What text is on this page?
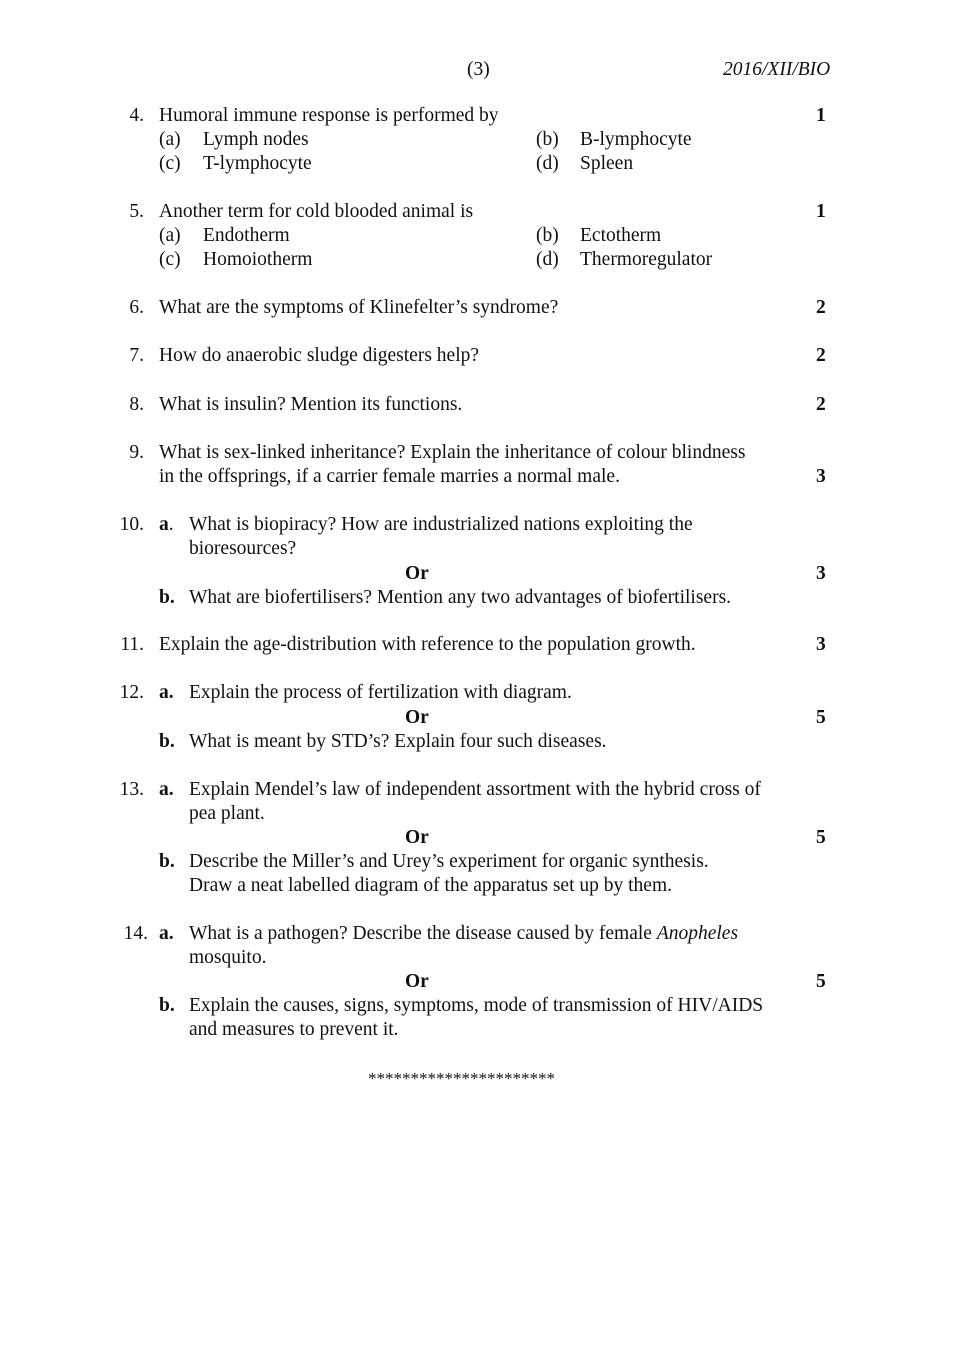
(3)	2016/XII/BIO
4. Humoral immune response is performed by	1
(a) Lymph nodes	(b) B-lymphocyte
(c) T-lymphocyte	(d) Spleen
5. Another term for cold blooded animal is	1
(a) Endotherm	(b) Ectotherm
(c) Homoiotherm	(d) Thermoregulator
6. What are the symptoms of Klinefelter’s syndrome?	2
7. How do anaerobic sludge digesters help?	2
8. What is insulin? Mention its functions.	2
9. What is sex-linked inheritance? Explain the inheritance of colour blindness
in the offsprings, if a carrier female marries a normal male.	3
10. a. What is biopiracy? How are industrialized nations exploiting the
bioresources?
Or	3
b. What are biofertilisers? Mention any two advantages of biofertilisers.
11. Explain the age-distribution with reference to the population growth.	3
12. a. Explain the process of fertilization with diagram.
Or	5
b. What is meant by STD’s? Explain four such diseases.
13. a. Explain Mendel’s law of independent assortment with the hybrid cross of
pea plant.
Or	5
b. Describe the Miller’s and Urey’s experiment for organic synthesis.
Draw a neat labelled diagram of the apparatus set up by them.
14. a. What is a pathogen? Describe the disease caused by female Anopheles
mosquito.
Or	5
b. Explain the causes, signs, symptoms, mode of transmission of HIV/AIDS
and measures to prevent it.
**********************
